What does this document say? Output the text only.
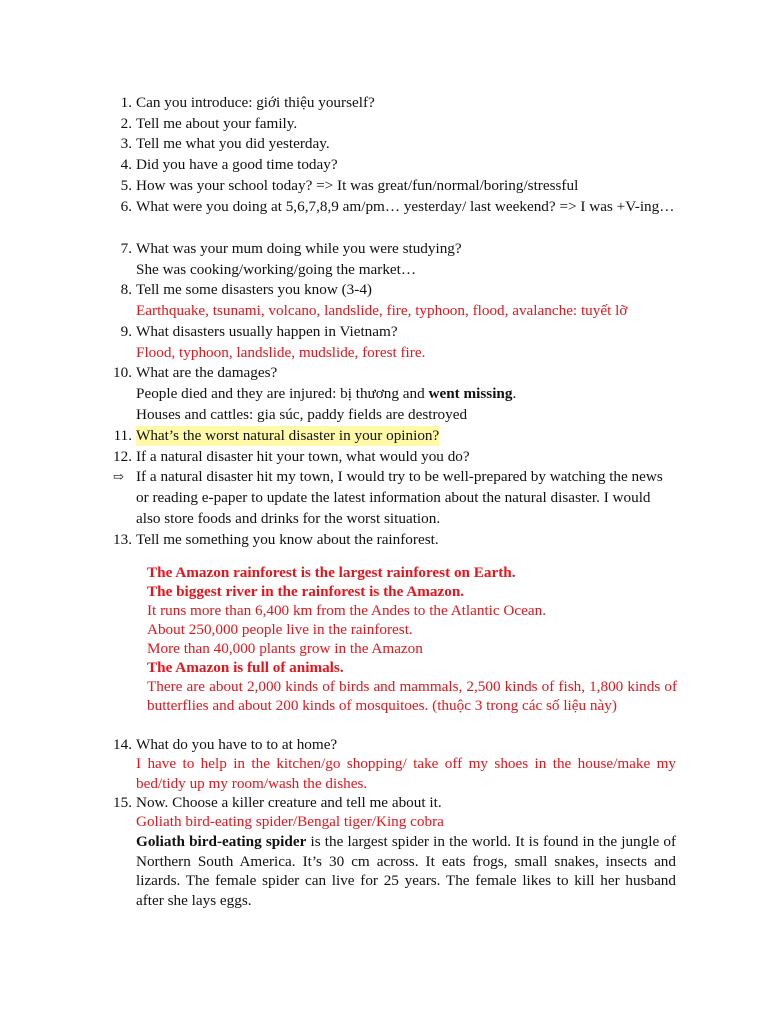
1. Can you introduce: giới thiệu yourself?
2. Tell me about your family.
3. Tell me what you did yesterday.
4. Did you have a good time today?
5. How was your school today? => It was great/fun/normal/boring/stressful
6. What were you doing at 5,6,7,8,9 am/pm… yesterday/ last weekend? => I was +V-ing…
7. What was your mum doing while you were studying?
She was cooking/working/going the market…
8. Tell me some disasters you know (3-4)
Earthquake, tsunami, volcano, landslide, fire, typhoon, flood, avalanche: tuyết lỡ
9. What disasters usually happen in Vietnam?
Flood, typhoon, landslide, mudslide, forest fire.
10. What are the damages?
People died and they are injured: bị thương and went missing.
Houses and cattles: gia súc, paddy fields are destroyed
11. What’s the worst natural disaster in your opinion?
12. If a natural disaster hit your town, what would you do?
⇨ If a natural disaster hit my town, I would try to be well-prepared by watching the news or reading e-paper to update the latest information about the natural disaster. I would also store foods and drinks for the worst situation.
13. Tell me something you know about the rainforest.
The Amazon rainforest is the largest rainforest on Earth.
The biggest river in the rainforest is the Amazon.
It runs more than 6,400 km from the Andes to the Atlantic Ocean.
About 250,000 people live in the rainforest.
More than 40,000 plants grow in the Amazon
The Amazon is full of animals.
There are about 2,000 kinds of birds and mammals, 2,500 kinds of fish, 1,800 kinds of butterflies and about 200 kinds of mosquitoes. (thuộc 3 trong các số liệu này)
14. What do you have to to at home?
I have to help in the kitchen/go shopping/ take off my shoes in the house/make my bed/tidy up my room/wash the dishes.
15. Now. Choose a killer creature and tell me about it.
Goliath bird-eating spider/Bengal tiger/King cobra
Goliath bird-eating spider is the largest spider in the world. It is found in the jungle of Northern South America. It’s 30 cm across. It eats frogs, small snakes, insects and lizards. The female spider can live for 25 years. The female likes to kill her husband after she lays eggs.
